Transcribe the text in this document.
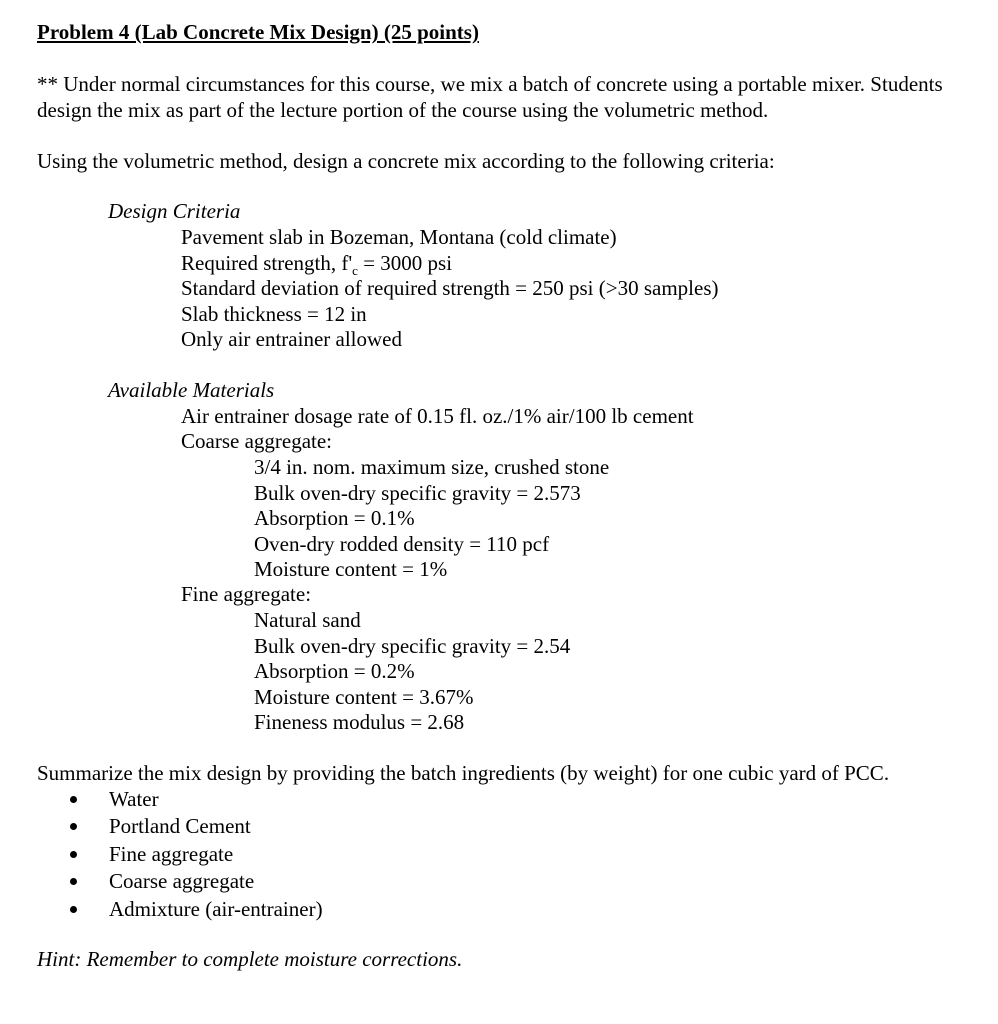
Problem 4 (Lab Concrete Mix Design) (25 points)

** Under normal circumstances for this course, we mix a batch of concrete using a portable mixer. Students

design the mix as part of the lecture portion of the course using the volumetric method.

Using the volumetric method, design a concrete mix according to the following criteria:
Design Criteria
Pavement slab in Bozeman, Montana (cold climate)
Required strength, $f'_c = 3000$ psi
Standard deviation of required strength = 250 psi (>30 samples)
Slab thickness = 12 in
Only air entrainer allowed
Available Materials
Air entrainer dosage rate of 0.15 fl. oz./1% air/100 lb cement
Coarse aggregate:
3/4 in. nom. maximum size, crushed stone
Bulk oven-dry specific gravity = 2.573
Absorption = 0.1%
Oven-dry rodded density = 110 pcf
Moisture content = 1%
Fine aggregate:
Natural sand
Bulk oven-dry specific gravity = 2.54
Absorption = 0.2%
Moisture content = 3.67%
Fineness modulus = 2.68
Summarize the mix design by providing the batch ingredients (by weight) for one cubic yard of PCC.
Water
Portland Cement
Fine aggregate
Coarse aggregate
Admixture (air-entrainer)
Hint: Remember to complete moisture corrections.
